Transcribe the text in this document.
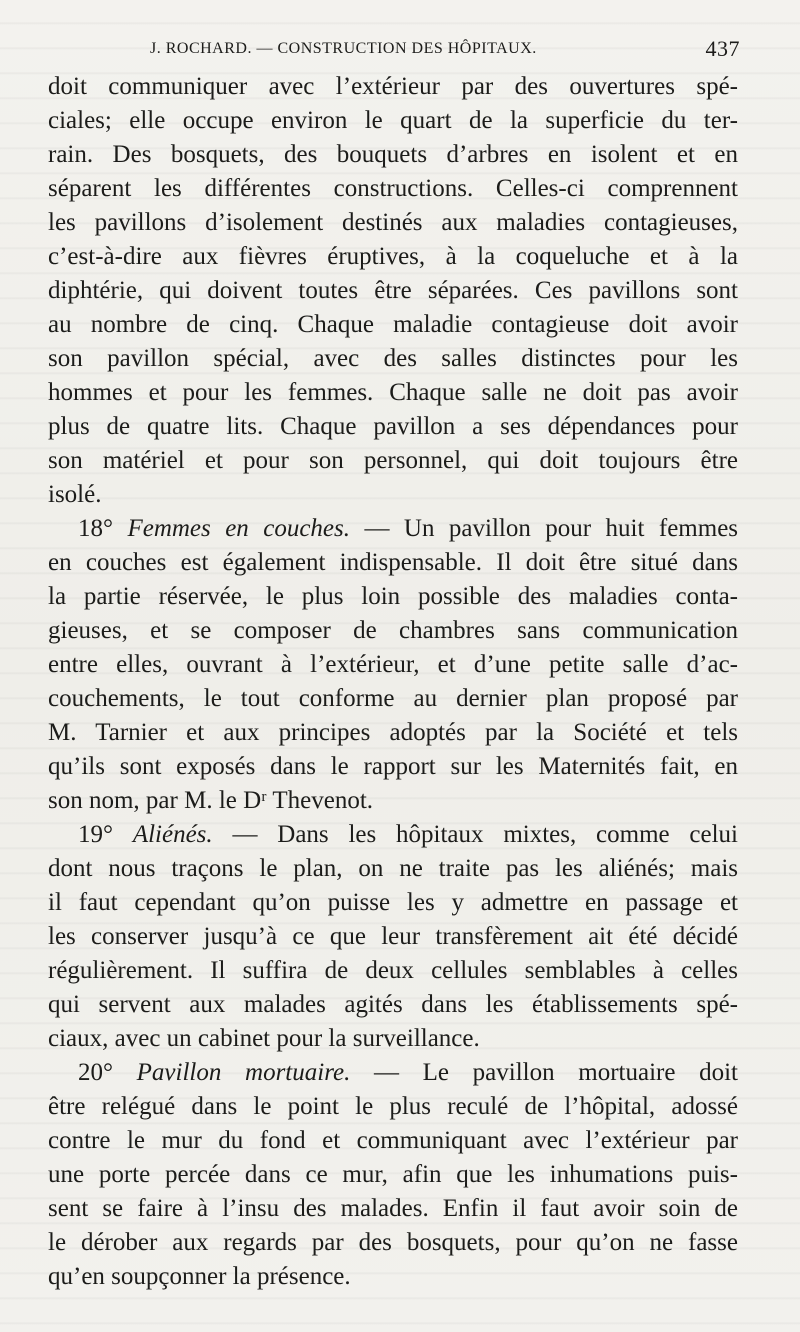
J. ROCHARD. — CONSTRUCTION DES HÔPITAUX.	437
doit communiquer avec l’extérieur par des ouvertures spé-
ciales; elle occupe environ le quart de la superficie du ter-
rain. Des bosquets, des bouquets d’arbres en isolent et en
séparent les différentes constructions. Celles-ci comprennent
les pavillons d’isolement destinés aux maladies contagieuses,
c’est-à-dire aux fièvres éruptives, à la coqueluche et à la
diphtérie, qui doivent toutes être séparées. Ces pavillons sont
au nombre de cinq. Chaque maladie contagieuse doit avoir
son pavillon spécial, avec des salles distinctes pour les
hommes et pour les femmes. Chaque salle ne doit pas avoir
plus de quatre lits. Chaque pavillon a ses dépendances pour
son matériel et pour son personnel, qui doit toujours être
isolé.
18° Femmes en couches. — Un pavillon pour huit femmes
en couches est également indispensable. Il doit être situé dans
la partie réservée, le plus loin possible des maladies conta-
gieuses, et se composer de chambres sans communication
entre elles, ouvrant à l’extérieur, et d’une petite salle d’ac-
couchements, le tout conforme au dernier plan proposé par
M. Tarnier et aux principes adoptés par la Société et tels
qu’ils sont exposés dans le rapport sur les Maternités fait, en
son nom, par M. le Dʳ Thevenot.
19° Aliénés. — Dans les hôpitaux mixtes, comme celui
dont nous traçons le plan, on ne traite pas les aliénés; mais
il faut cependant qu’on puisse les y admettre en passage et
les conserver jusqu’à ce que leur transfèrement ait été décidé
régulièrement. Il suffira de deux cellules semblables à celles
qui servent aux malades agités dans les établissements spé-
ciaux, avec un cabinet pour la surveillance.
20° Pavillon mortuaire. — Le pavillon mortuaire doit
être relégué dans le point le plus reculé de l’hôpital, adossé
contre le mur du fond et communiquant avec l’extérieur par
une porte percée dans ce mur, afin que les inhumations puis-
sent se faire à l’insu des malades. Enfin il faut avoir soin de
le dérober aux regards par des bosquets, pour qu’on ne fasse
qu’en soupçonner la présence.
